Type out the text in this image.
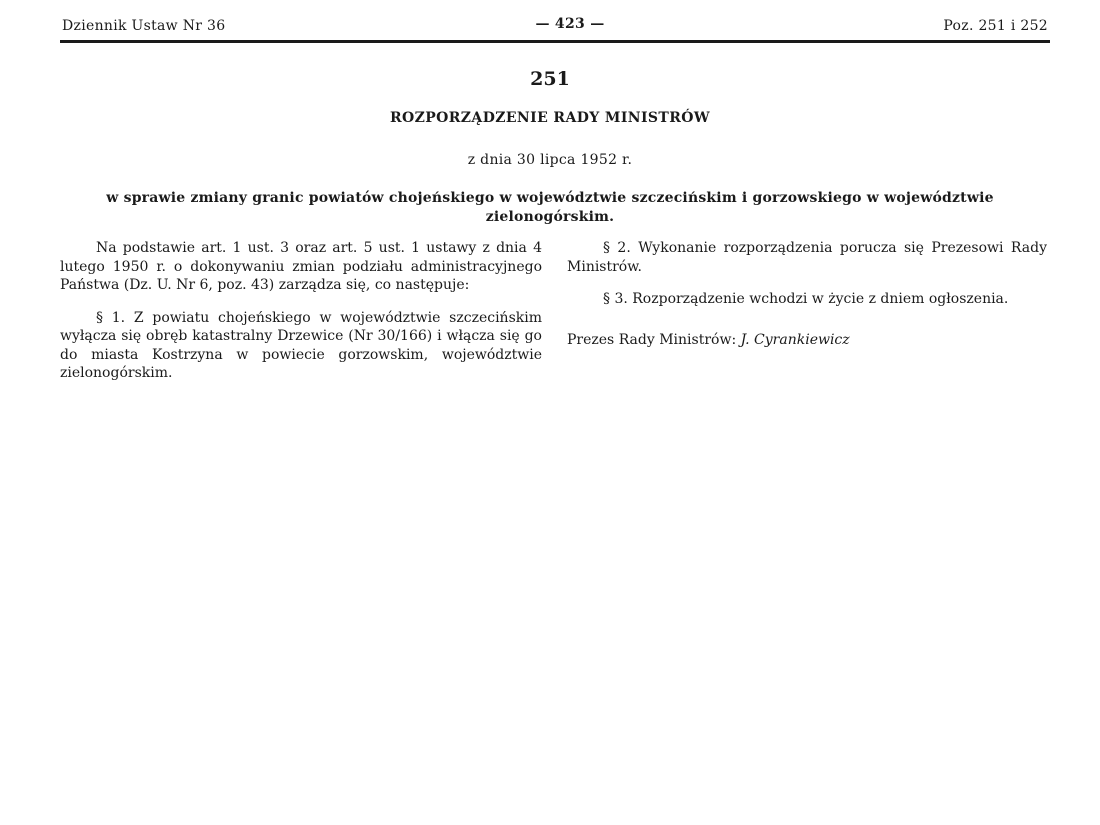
Dziennik Ustaw Nr 36	— 423 —	Poz. 251 i 252
251
ROZPORZĄDZENIE RADY MINISTRÓW
z dnia 30 lipca 1952 r.
w sprawie zmiany granic powiatów chojeńskiego w województwie szczecińskim i gorzowskiego w województwie zielonogórskim.

Na podstawie art. 1 ust. 3 oraz art. 5 ust. 1 ustawy z dnia 4 lutego 1950 r. o dokonywaniu zmian podziału administracyjnego Państwa (Dz. U. Nr 6, poz. 43) zarządza się, co następuje:

§ 1. Z powiatu chojeńskiego w województwie szczecińskim wyłącza się obręb katastralny Drzewice (Nr 30/166) i włącza się go do miasta Kostrzyna w powiecie gorzowskim, województwie zielonogórskim.

§ 2. Wykonanie rozporządzenia porucza się Prezesowi Rady Ministrów.

§ 3. Rozporządzenie wchodzi w życie z dniem ogłoszenia.

Prezes Rady Ministrów: J. Cyrankiewicz
